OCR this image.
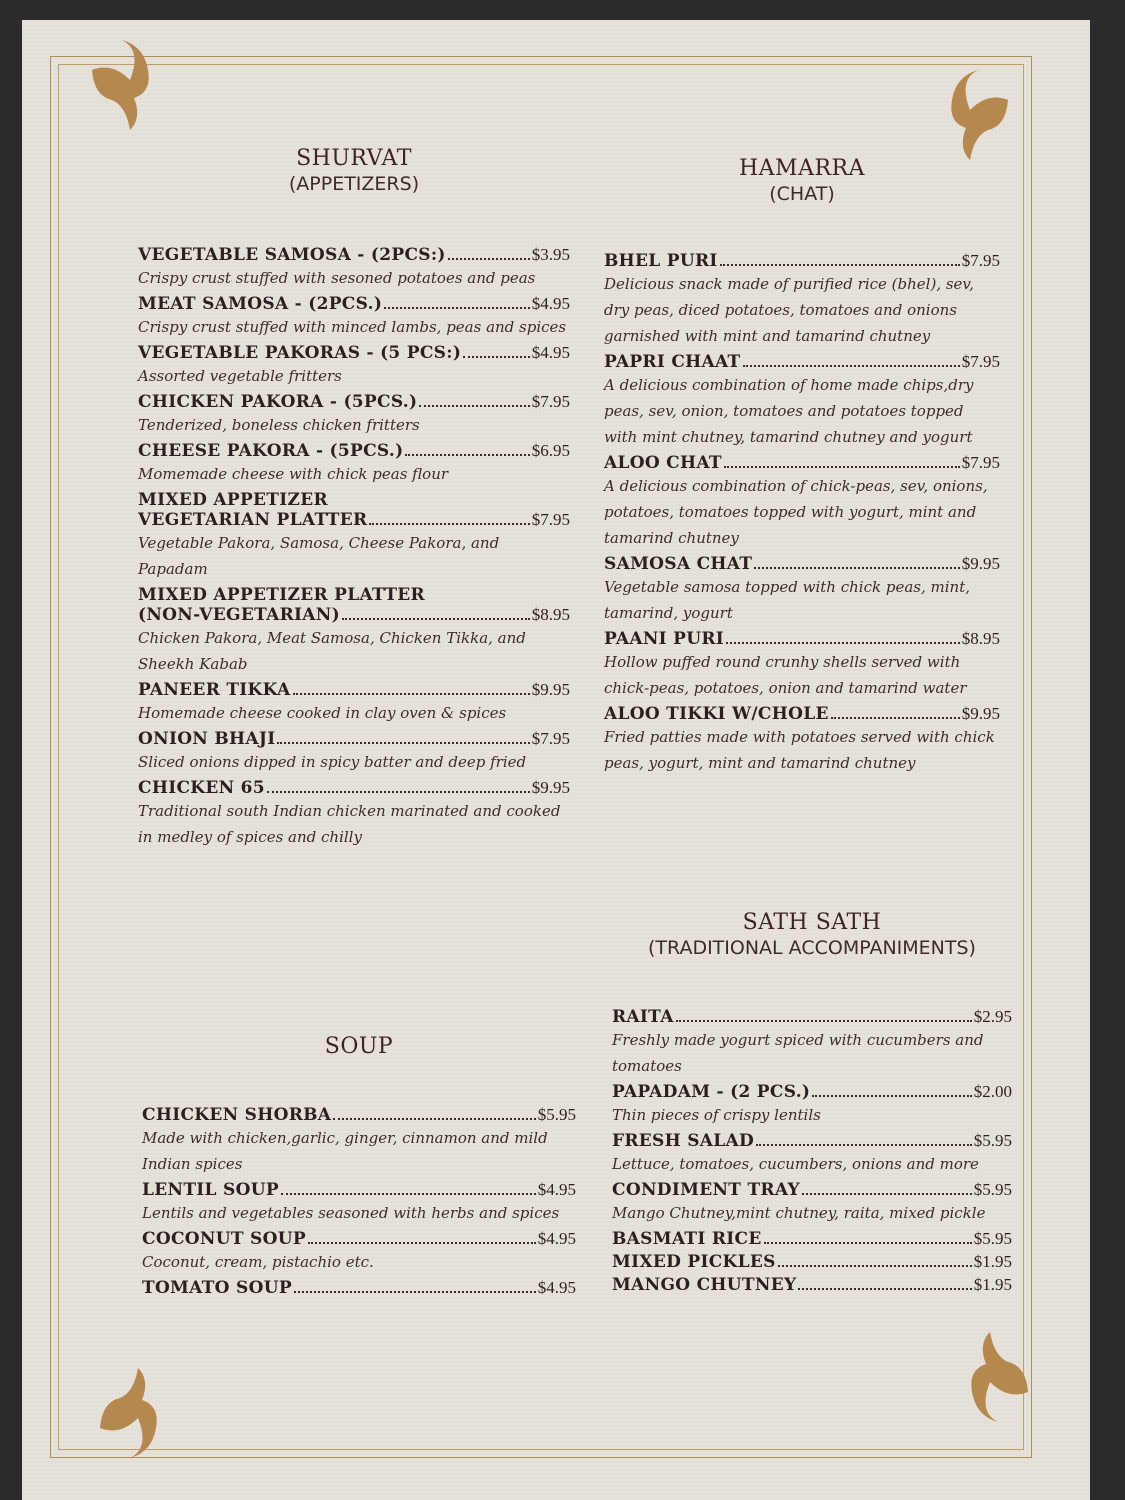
SHURVAT
(APPETIZERS)
VEGETABLE SAMOSA - (2PCS:)	$3.95
Crispy crust stuffed with sesoned potatoes and peas
MEAT SAMOSA - (2PCS.)	$4.95
Crispy crust stuffed with minced lambs, peas and spices
VEGETABLE PAKORAS - (5 PCS:)	$4.95
Assorted vegetable fritters
CHICKEN PAKORA - (5PCS.)	$7.95
Tenderized, boneless chicken fritters
CHEESE PAKORA - (5PCS.)	$6.95
Momemade cheese with chick peas flour
MIXED APPETIZER
VEGETARIAN PLATTER	$7.95
Vegetable Pakora, Samosa, Cheese Pakora, and Papadam
MIXED APPETIZER PLATTER
(NON-VEGETARIAN)	$8.95
Chicken Pakora, Meat Samosa, Chicken Tikka, and Sheekh Kabab
PANEER TIKKA	$9.95
Homemade cheese cooked in clay oven & spices
ONION BHAJI	$7.95
Sliced onions dipped in spicy batter and deep fried
CHICKEN 65	$9.95
Traditional south Indian chicken marinated and cooked in medley of spices and chilly
SOUP
CHICKEN SHORBA	$5.95
Made with chicken,garlic, ginger, cinnamon and mild Indian spices
LENTIL SOUP	$4.95
Lentils and vegetables seasoned with herbs and spices
COCONUT SOUP	$4.95
Coconut, cream, pistachio etc.
TOMATO SOUP	$4.95
HAMARRA
(CHAT)
BHEL PURI	$7.95
Delicious snack made of purified rice (bhel), sev, dry peas, diced potatoes, tomatoes and onions garnished with mint and tamarind chutney
PAPRI CHAAT	$7.95
A delicious combination of home made chips,dry peas, sev, onion, tomatoes and potatoes topped with mint chutney, tamarind chutney and yogurt
ALOO CHAT	$7.95
A delicious combination of chick-peas, sev, onions, potatoes, tomatoes topped with yogurt, mint and tamarind chutney
SAMOSA CHAT	$9.95
Vegetable samosa topped with chick peas, mint, tamarind, yogurt
PAANI PURI	$8.95
Hollow puffed round crunhy shells served with chick-peas, potatoes, onion and tamarind water
ALOO TIKKI W/CHOLE	$9.95
Fried patties made with potatoes served with chick peas, yogurt, mint and tamarind chutney
SATH SATH
(TRADITIONAL ACCOMPANIMENTS)
RAITA	$2.95
Freshly made yogurt spiced with cucumbers and tomatoes
PAPADAM - (2 PCS.)	$2.00
Thin pieces of crispy lentils
FRESH SALAD	$5.95
Lettuce, tomatoes, cucumbers, onions and more
CONDIMENT TRAY	$5.95
Mango Chutney,mint chutney, raita, mixed pickle
BASMATI RICE	$5.95
MIXED PICKLES	$1.95
MANGO CHUTNEY	$1.95
